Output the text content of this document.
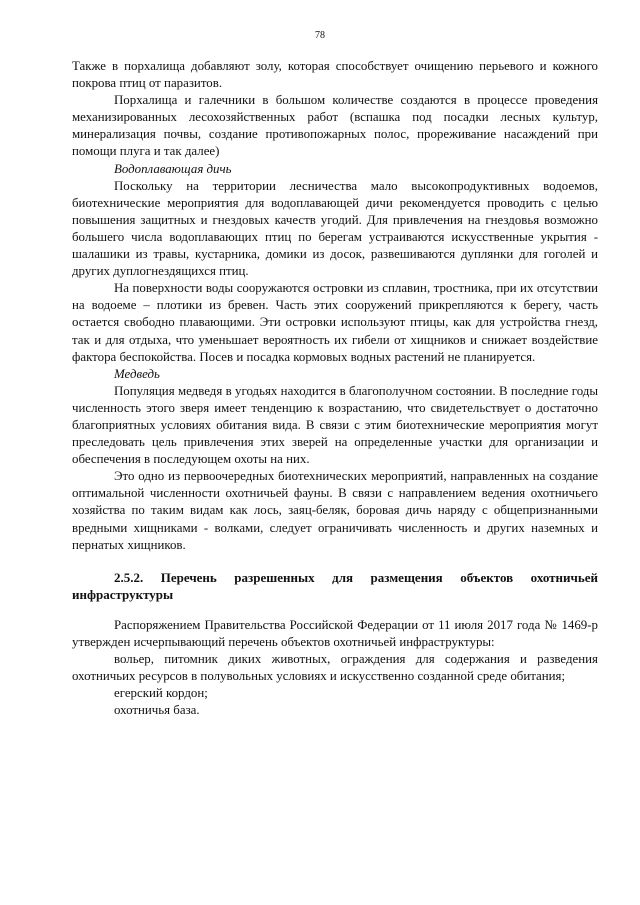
78

Также в порхалища добавляют золу, которая способствует очищению перьевого и кожного покрова птиц от паразитов.

Порхалища и галечники в большом количестве создаются в процессе проведения механизированных лесохозяйственных работ (вспашка под посадки лесных культур, минерализация почвы, создание противопожарных полос, прореживание насаждений при помощи плуга и так далее)

Водоплавающая дичь

Поскольку на территории лесничества мало высокопродуктивных водоемов, биотехнические мероприятия для водоплавающей дичи рекомендуется проводить с целью повышения защитных и гнездовых качеств угодий. Для привлечения на гнездовья возможно большего числа водоплавающих птиц по берегам устраиваются искусственные укрытия - шалашики из травы, кустарника, домики из досок, развешиваются дуплянки для гоголей и других дуплогнездящихся птиц.

На поверхности воды сооружаются островки из сплавин, тростника, при их отсутствии на водоеме – плотики из бревен. Часть этих сооружений прикрепляются к берегу, часть остается свободно плавающими. Эти островки используют птицы, как для устройства гнезд, так и для отдыха, что уменьшает вероятность их гибели от хищников и снижает воздействие фактора беспокойства. Посев и посадка кормовых водных растений не планируется.

Медведь

Популяция медведя в угодьях находится в благополучном состоянии. В последние годы численность этого зверя имеет тенденцию к возрастанию, что свидетельствует о достаточно благоприятных условиях обитания вида. В связи с этим биотехнические мероприятия могут преследовать цель привлечения этих зверей на определенные участки для организации и обеспечения в последующем охоты на них.

Это одно из первоочередных биотехнических мероприятий, направленных на создание оптимальной численности охотничьей фауны. В связи с направлением ведения охотничьего хозяйства по таким видам как лось, заяц-беляк, боровая дичь наряду с общепризнанными вредными хищниками - волками, следует ограничивать численность и других наземных и пернатых хищников.

2.5.2. Перечень разрешенных для размещения объектов охотничьей инфраструктуры

Распоряжением Правительства Российской Федерации от 11 июля 2017 года № 1469-р утвержден исчерпывающий перечень объектов охотничьей инфраструктуры:

вольер, питомник диких животных, ограждения для содержания и разведения охотничьих ресурсов в полувольных условиях и искусственно созданной среде обитания;

егерский кордон;

охотничья база.
